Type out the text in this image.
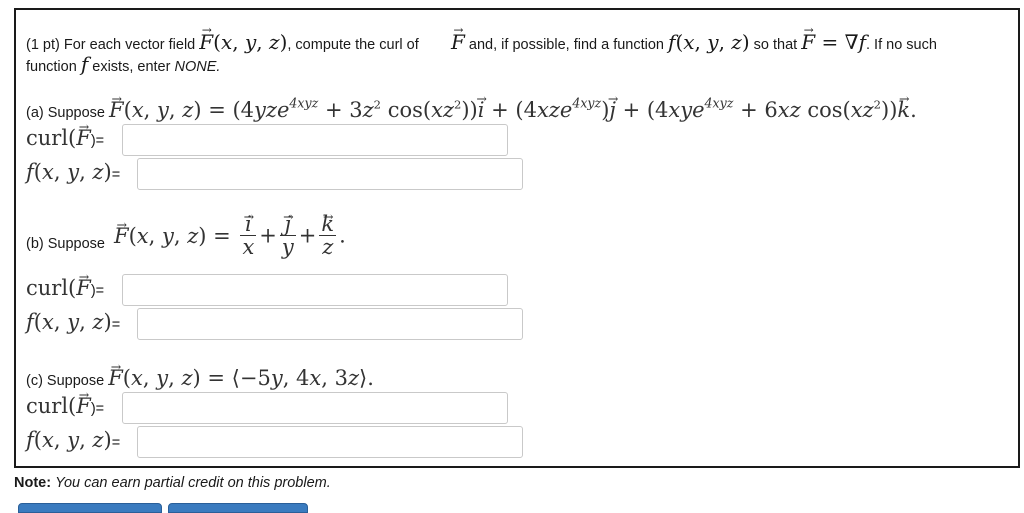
(1 pt) For each vector field → F(x, y, z), compute the curl of → F and, if possible, find a function f(x, y, z) so that → F = ∇f. If no such
function f exists, enter NONE.
(a) Suppose → F(x, y, $z) = (4yze^{4xyz} + 3z^2$ $\cos(xz^2))\to i + (4xze^{4xyz})\to j + (4xye^{4xyz} + 6xz$ $\cos(xz^2))\to k$.
curl(→ F)=
f(x, y, z)=
(b) Suppose → F(x, y, z) = → $\frac{i}{x}$ + → $\frac{j}{y}$ + → $\frac{k}{z}$ .
curl(→ F)=
f(x, y, z)=
(c) Suppose → F(x, y, z) = ⟨−5y, 4x, 3z⟩.
curl(→ F)=
f(x, y, z)=
Note: You can earn partial credit on this problem.
